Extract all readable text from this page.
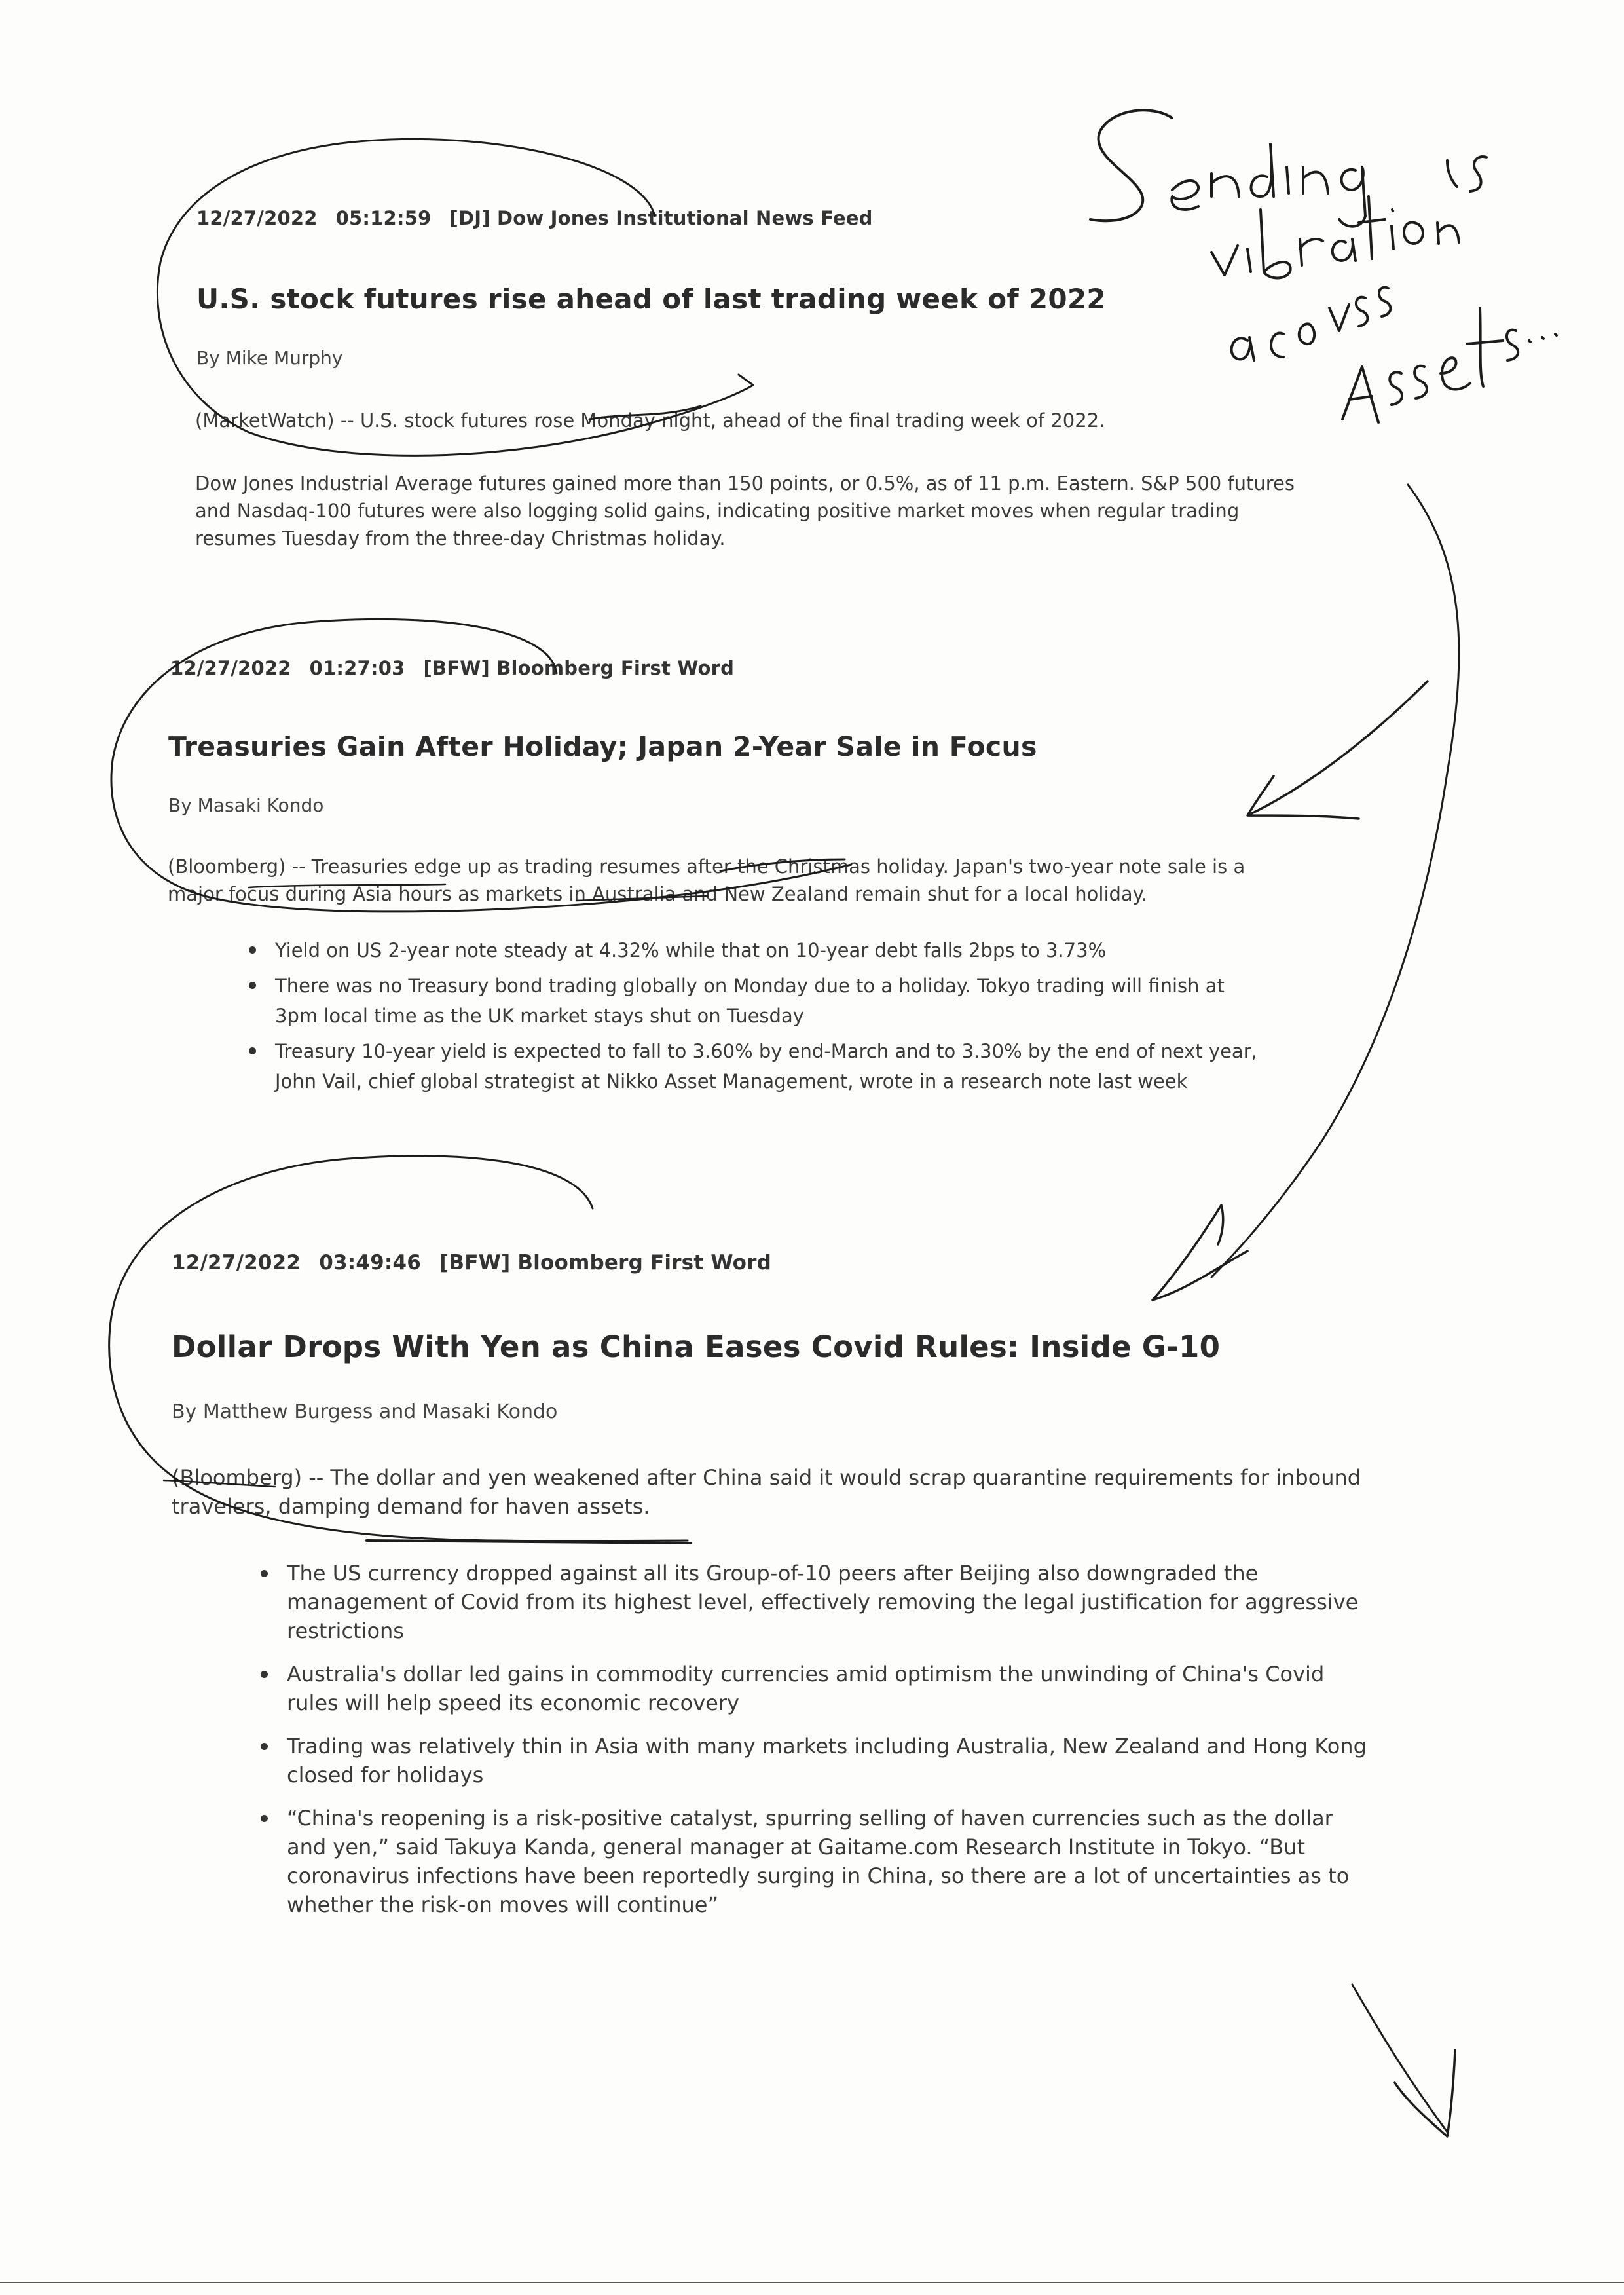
12/27/2022 05:12:59 [DJ] Dow Jones Institutional News Feed
U.S. stock futures rise ahead of last trading week of 2022
By Mike Murphy
(MarketWatch) -- U.S. stock futures rose Monday night, ahead of the final trading week of 2022.
Dow Jones Industrial Average futures gained more than 150 points, or 0.5%, as of 11 p.m. Eastern. S&P 500 futures and Nasdaq-100 futures were also logging solid gains, indicating positive market moves when regular trading resumes Tuesday from the three-day Christmas holiday.
12/27/2022 01:27:03 [BFW] Bloomberg First Word
Treasuries Gain After Holiday; Japan 2-Year Sale in Focus
By Masaki Kondo
(Bloomberg) -- Treasuries edge up as trading resumes after the Christmas holiday. Japan's two-year note sale is a major focus during Asia hours as markets in Australia and New Zealand remain shut for a local holiday.
Yield on US 2-year note steady at 4.32% while that on 10-year debt falls 2bps to 3.73%
There was no Treasury bond trading globally on Monday due to a holiday. Tokyo trading will finish at 3pm local time as the UK market stays shut on Tuesday
Treasury 10-year yield is expected to fall to 3.60% by end-March and to 3.30% by the end of next year, John Vail, chief global strategist at Nikko Asset Management, wrote in a research note last week
12/27/2022 03:49:46 [BFW] Bloomberg First Word
Dollar Drops With Yen as China Eases Covid Rules: Inside G-10
By Matthew Burgess and Masaki Kondo
(Bloomberg) -- The dollar and yen weakened after China said it would scrap quarantine requirements for inbound travelers, damping demand for haven assets.
The US currency dropped against all its Group-of-10 peers after Beijing also downgraded the management of Covid from its highest level, effectively removing the legal justification for aggressive restrictions
Australia's dollar led gains in commodity currencies amid optimism the unwinding of China's Covid rules will help speed its economic recovery
Trading was relatively thin in Asia with many markets including Australia, New Zealand and Hong Kong closed for holidays
“China's reopening is a risk-positive catalyst, spurring selling of haven currencies such as the dollar and yen,” said Takuya Kanda, general manager at Gaitame.com Research Institute in Tokyo. “But coronavirus infections have been reportedly surging in China, so there are a lot of uncertainties as to whether the risk-on moves will continue”
